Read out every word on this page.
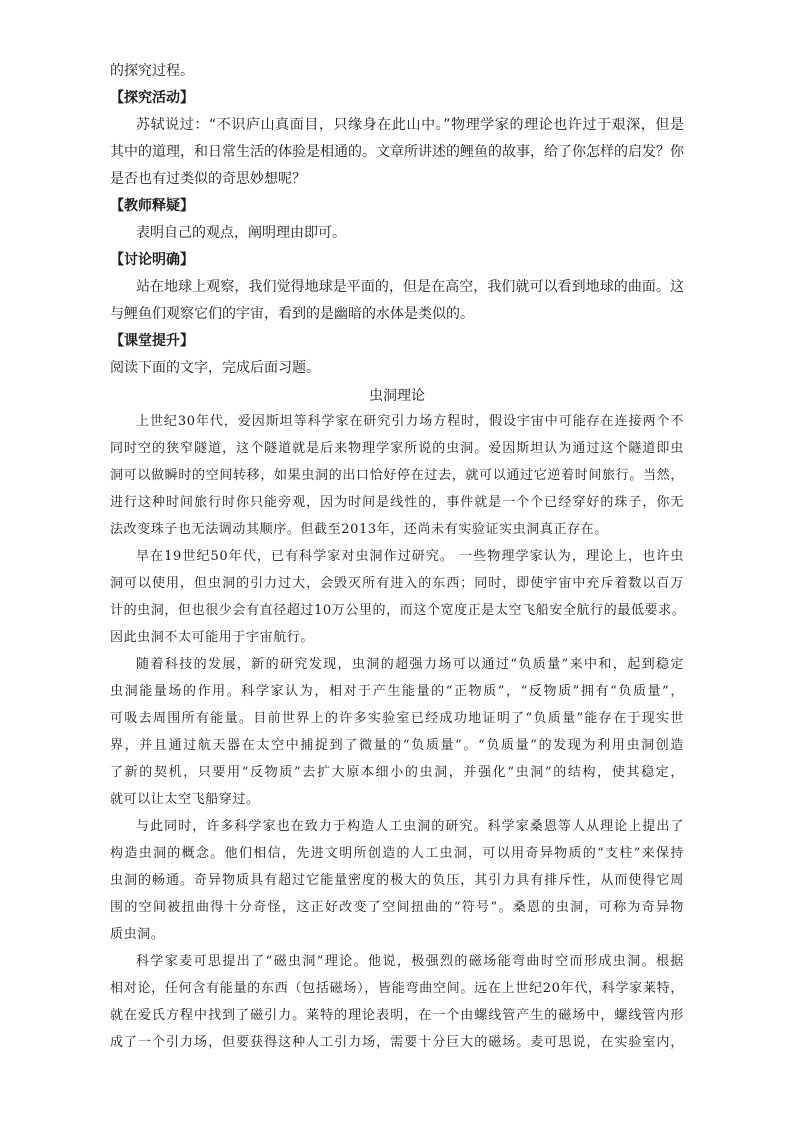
的探究过程。
【探究活动】
苏轼说过：“不识庐山真面目，只缘身在此山中。”物理学家的理论也许过于艰深，但是
其中的道理，和日常生活的体验是相通的。文章所讲述的鲤鱼的故事，给了你怎样的启发？你
是否也有过类似的奇思妙想呢？
【教师释疑】
表明自己的观点，阐明理由即可。
【讨论明确】
站在地球上观察，我们觉得地球是平面的，但是在高空，我们就可以看到地球的曲面。这
与鲤鱼们观察它们的宇宙，看到的是幽暗的水体是类似的。
【课堂提升】
阅读下面的文字，完成后面习题。
虫洞理论
上世纪30年代，爱因斯坦等科学家在研究引力场方程时，假设宇宙中可能存在连接两个不
同时空的狭窄隧道，这个隧道就是后来物理学家所说的虫洞。爱因斯坦认为通过这个隧道即虫
洞可以做瞬时的空间转移，如果虫洞的出口恰好停在过去，就可以通过它逆着时间旅行。当然，
进行这种时间旅行时你只能旁观，因为时间是线性的，事件就是一个个已经穿好的珠子，你无
法改变珠子也无法调动其顺序。但截至2013年，还尚未有实验证实虫洞真正存在。
早在19世纪50年代，已有科学家对虫洞作过研究。 一些物理学家认为，理论上，也许虫
洞可以使用，但虫洞的引力过大，会毁灭所有进入的东西；同时，即使宇宙中充斥着数以百万
计的虫洞，但也很少会有直径超过10万公里的，而这个宽度正是太空飞船安全航行的最低要求。
因此虫洞不太可能用于宇宙航行。
随着科技的发展，新的研究发现，虫洞的超强力场可以通过“负质量”来中和，起到稳定
虫洞能量场的作用。科学家认为，相对于产生能量的“正物质”，“反物质”拥有“负质量”，
可吸去周围所有能量。目前世界上的许多实验室已经成功地证明了“负质量”能存在于现实世
界，并且通过航天器在太空中捕捉到了微量的“负质量”。“负质量”的发现为利用虫洞创造
了新的契机，只要用“反物质”去扩大原本细小的虫洞，并强化“虫洞”的结构，使其稳定，
就可以让太空飞船穿过。
与此同时，许多科学家也在致力于构造人工虫洞的研究。科学家桑恩等人从理论上提出了
构造虫洞的概念。他们相信，先进文明所创造的人工虫洞，可以用奇异物质的“支柱”来保持
虫洞的畅通。奇异物质具有超过它能量密度的极大的负压，其引力具有排斥性，从而使得它周
围的空间被扭曲得十分奇怪，这正好改变了空间扭曲的“符号”。桑恩的虫洞，可称为奇异物
质虫洞。
科学家麦可思提出了“磁虫洞”理论。他说，极强烈的磁场能弯曲时空而形成虫洞。根据
相对论，任何含有能量的东西（包括磁场），皆能弯曲空间。远在上世纪20年代，科学家莱特，
就在爱氏方程中找到了磁引力。莱特的理论表明，在一个由螺线管产生的磁场中，螺线管内形
成了一个引力场，但要获得这种人工引力场，需要十分巨大的磁场。麦可思说，在实验室内，
